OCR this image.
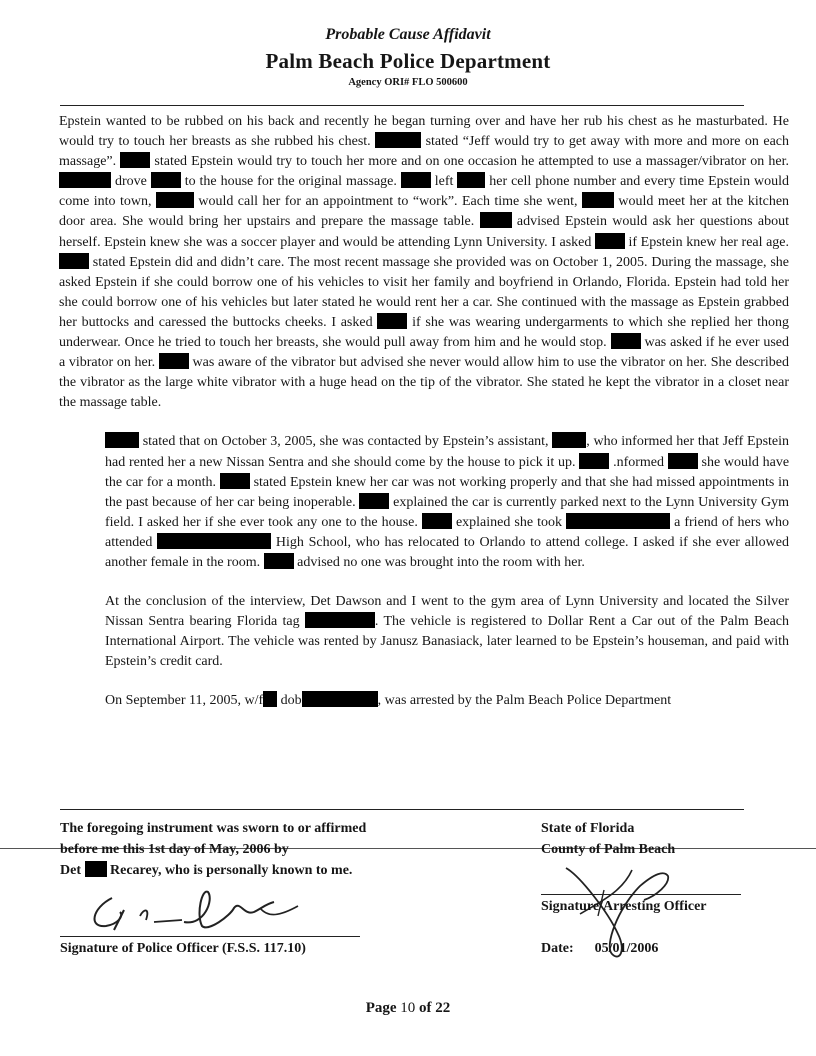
Probable Cause Affidavit
Palm Beach Police Department
Agency ORI# FLO 500600

Epstein wanted to be rubbed on his back and recently he began turning over and have her rub his chest as he masturbated. He would try to touch her breasts as she rubbed his chest.	stated “Jeff would try to get away with more and more on each massage”.	stated Epstein would try to touch her more and on one occasion he attempted to use a massager/vibrator on her.  drove	to the house for the original massage.	left	her cell phone number and every time Epstein would come into town,	would call her for an appointment to “work”. Each time she went,	would meet her at the kitchen door area. She would bring her upstairs and prepare the massage table.	advised Epstein would ask her questions about herself. Epstein knew she was a soccer player and would be attending Lynn University. I asked	if Epstein knew her real age.  stated Epstein did and didn’t care. The most recent massage she provided was on October 1, 2005. During the massage, she asked Epstein if she could borrow one of his vehicles to visit her family and boyfriend in Orlando, Florida. Epstein had told her she could borrow one of his vehicles but later stated he would rent her a car. She continued with the massage as Epstein grabbed her buttocks and caressed the buttocks cheeks. I asked	if she was wearing undergarments to which she replied her thong underwear. Once he tried to touch her breasts, she would pull away from him and he would stop.	was asked if he ever used a vibrator on her.	was aware of the vibrator but advised she never would allow him to use the vibrator on her. She described the vibrator as the large white vibrator with a huge head on the tip of the vibrator. She stated he kept the vibrator in a closet near the massage table.

stated that on October 3, 2005, she was contacted by Epstein’s assistant,	, who informed her that Jeff Epstein had rented her a new Nissan Sentra and she should come by the house to pick it up.	.nformed	she would have the car for a month.	stated Epstein knew her car was not working properly and that she had missed appointments in the past because of her car being inoperable.	explained the car is currently parked next to the Lynn University Gym field. I asked her if she ever took any one to the house.	explained she took	a friend of hers who attended	High School, who has relocated to Orlando to attend college. I asked if she ever allowed another female in the room.	advised no one was brought into the room with her.

At the conclusion of the interview, Det Dawson and I went to the gym area of Lynn University and located the Silver Nissan Sentra bearing Florida tag	. The vehicle is registered to Dollar Rent a Car out of the Palm Beach International Airport. The vehicle was rented by Janusz Banasiack, later learned to be Epstein’s houseman, and paid with Epstein’s credit card.

On September 11, 2005, w/f dob	, was arrested by the Palm Beach Police Department

The foregoing instrument was sworn to or affirmed
before me this 1st day of May, 2006 by
Det Recarey, who is personally known to me.
State of Florida
County of Palm Beach
Signature/Arresting Officer
Signature of Police Officer (F.S.S. 117.10)	Date: 05/01/2006
Page 10 of 22
